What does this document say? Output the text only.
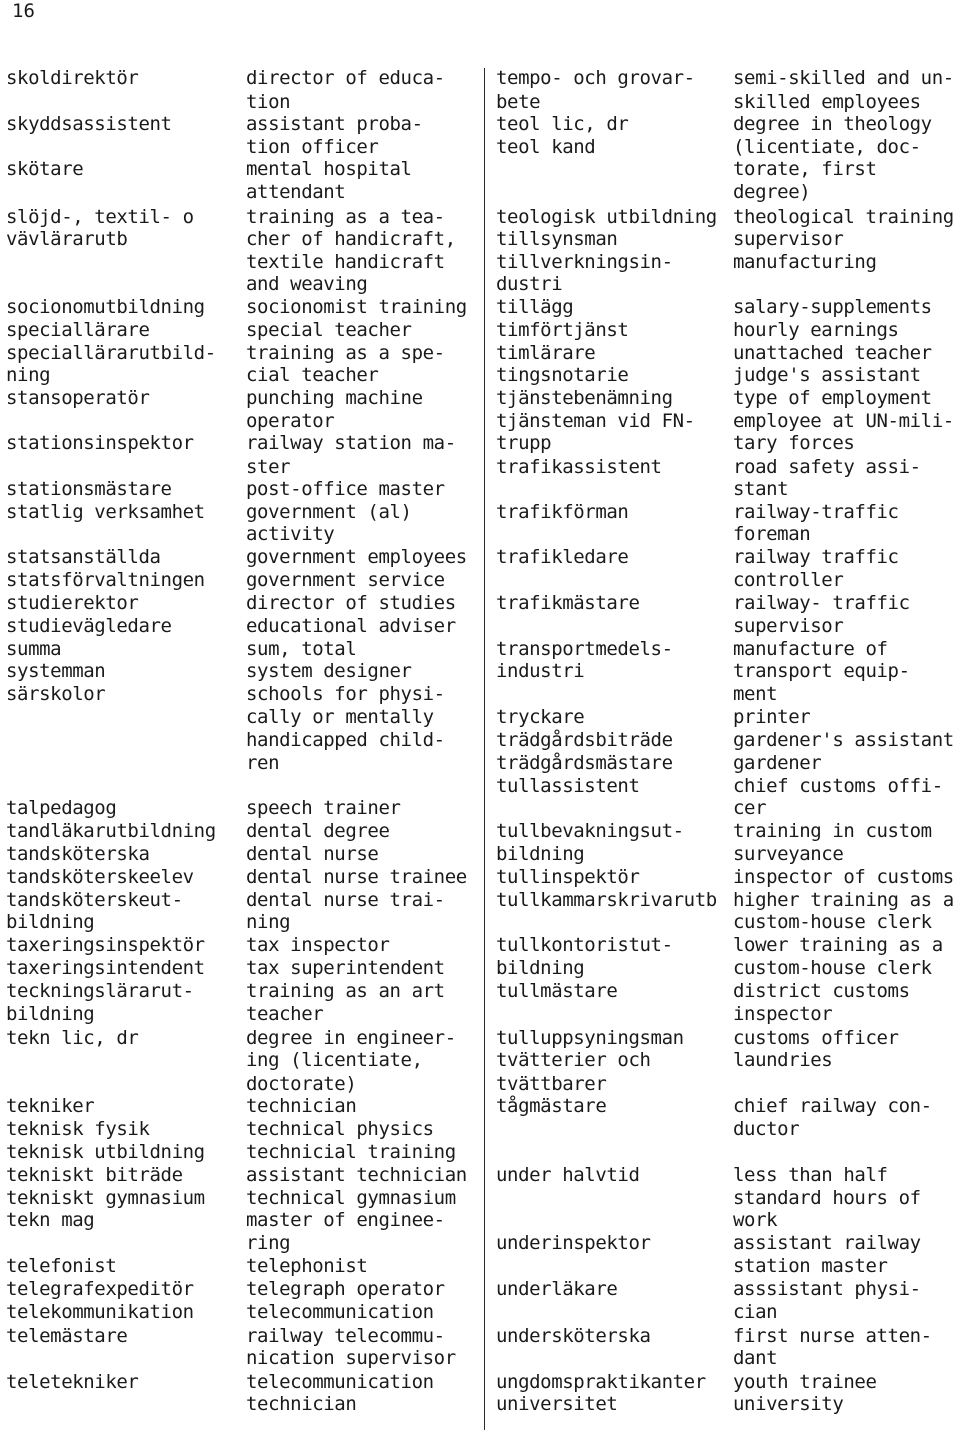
16
skoldirektör
skyddsassistent
skötare
slöjd-, textil- o
vävlärarutb
socionomutbildning
speciallärare
speciallärarutbild-
ning
stansoperatör
stationsinspektor
stationsmästare
statlig verksamhet
statsanställda
statsförvaltningen
studierektor
studievägledare
summa
systemman
särskolor
talpedagog
tandläkarutbildning
tandsköterska
tandsköterskeelev
tandsköterskeut-
bildning
taxeringsinspektör
taxeringsintendent
teckningslärarut-
bildning
tekn lic, dr
tekniker
teknisk fysik
teknisk utbildning
tekniskt biträde
tekniskt gymnasium
tekn mag
telefonist
telegrafexpeditör
telekommunikation
telemästare
teletekniker
director of educa-
tion
assistant proba-
tion officer
mental hospital
attendant
training as a tea-
cher of handicraft,
textile handicraft
and weaving
socionomist training
special teacher
training as a spe-
cial teacher
punching machine
operator
railway station ma-
ster
post-office master
government (al)
activity
government employees
government service
director of studies
educational adviser
sum, total
system designer
schools for physi-
cally or mentally
handicapped child-
ren
speech trainer
dental degree
dental nurse
dental nurse trainee
dental nurse trai-
ning
tax inspector
tax superintendent
training as an art
teacher
degree in engineer-
ing (licentiate,
doctorate)
technician
technical physics
technicial training
assistant technician
technical gymnasium
master of enginee-
ring
telephonist
telegraph operator
telecommunication
railway telecommu-
nication supervisor
telecommunication
technician
tempo- och grovar-
bete
teol lic, dr
teol kand
teologisk utbildning
tillsynsman
tillverkningsin-
dustri
tillägg
timförtjänst
timlärare
tingsnotarie
tjänstebenämning
tjänsteman vid FN-
trupp
trafikassistent
trafikförman
trafikledare
trafikmästare
transportmedels-
industri
tryckare
trädgårdsbiträde
trädgårdsmästare
tullassistent
tullbevakningsut-
bildning
tullinspektör
tullkammarskrivarutb
tullkontoristut-
bildning
tullmästare
tulluppsyningsman
tvätterier och
tvättbarer
tågmästare
under halvtid
underinspektor
underläkare
undersköterska
ungdomspraktikanter
universitet
semi-skilled and un-
skilled employees
degree in theology
(licentiate, doc-
torate, first
degree)
theological training
supervisor
manufacturing
salary-supplements
hourly earnings
unattached teacher
judge's assistant
type of employment
employee at UN-mili-
tary forces
road safety assi-
stant
railway-traffic
foreman
railway traffic
controller
railway- traffic
supervisor
manufacture of
transport equip-
ment
printer
gardener's assistant
gardener
chief customs offi-
cer
training in custom
surveyance
inspector of customs
higher training as a
custom-house clerk
lower training as a
custom-house clerk
district customs
inspector
customs officer
laundries
chief railway con-
ductor
less than half
standard hours of
work
assistant railway
station master
asssistant physi-
cian
first nurse atten-
dant
youth trainee
university
